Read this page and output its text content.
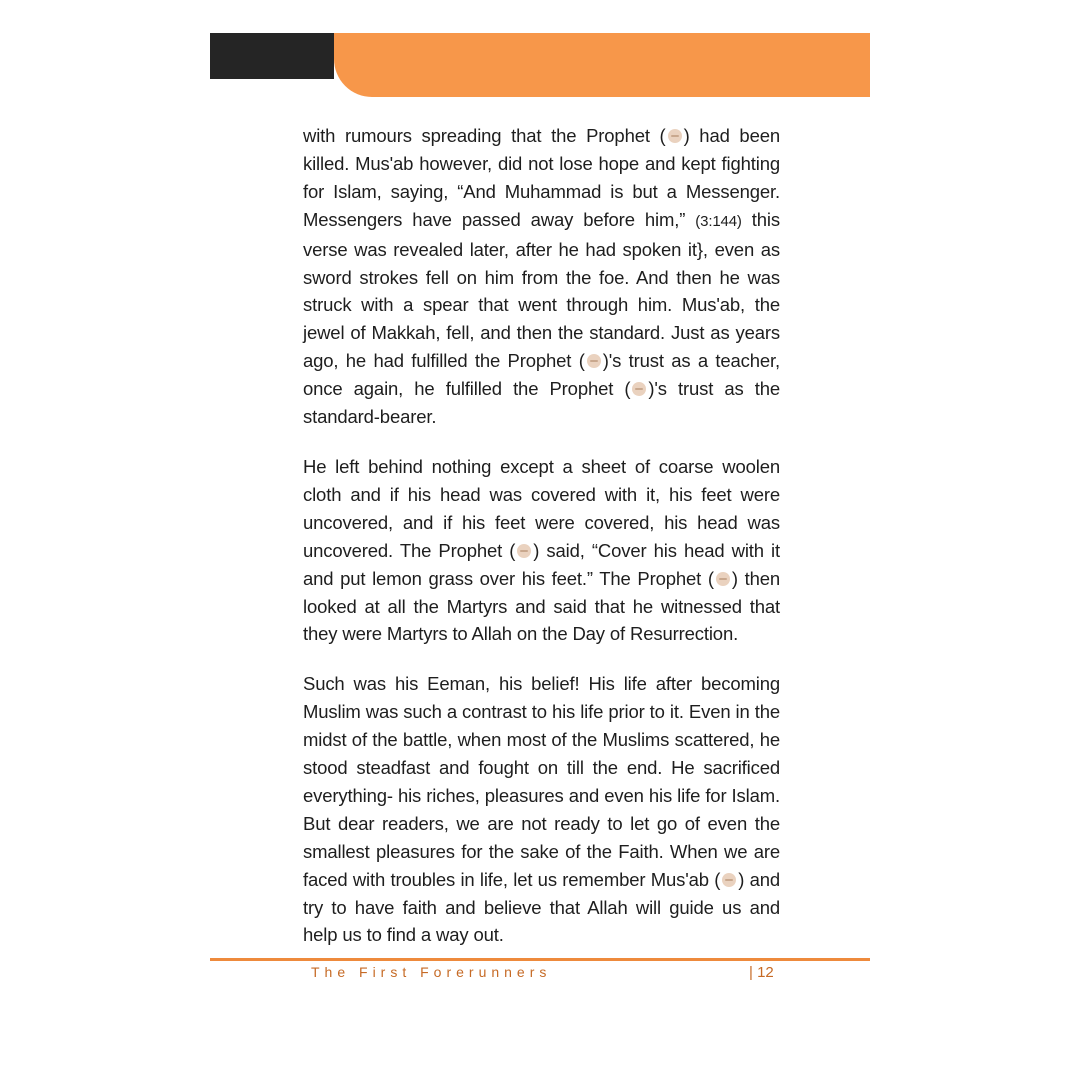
with rumours spreading that the Prophet ( ) had been killed. Mus'ab however, did not lose hope and kept fighting for Islam, saying, “And Muhammad is but a Messenger. Messengers have passed away before him,” (3:144) this verse was revealed later, after he had spoken it}, even as sword strokes fell on him from the foe. And then he was struck with a spear that went through him. Mus'ab, the jewel of Makkah, fell, and then the standard. Just as years ago, he had fulfilled the Prophet ( )'s trust as a teacher, once again, he fulfilled the Prophet ( )'s trust as the standard-bearer.

He left behind nothing except a sheet of coarse woolen cloth and if his head was covered with it, his feet were uncovered, and if his feet were covered, his head was uncovered. The Prophet ( ) said, “Cover his head with it and put lemon grass over his feet.” The Prophet ( ) then looked at all the Martyrs and said that he witnessed that they were Martyrs to Allah on the Day of Resurrection.

Such was his Eeman, his belief! His life after becoming Muslim was such a contrast to his life prior to it. Even in the midst of the battle, when most of the Muslims scattered, he stood steadfast and fought on till the end. He sacrificed everything- his riches, pleasures and even his life for Islam. But dear readers, we are not ready to let go of even the smallest pleasures for the sake of the Faith. When we are faced with troubles in life, let us remember Mus'ab ( ) and try to have faith and believe that Allah will guide us and help us to find a way out.

The First Forerunners	| 12
